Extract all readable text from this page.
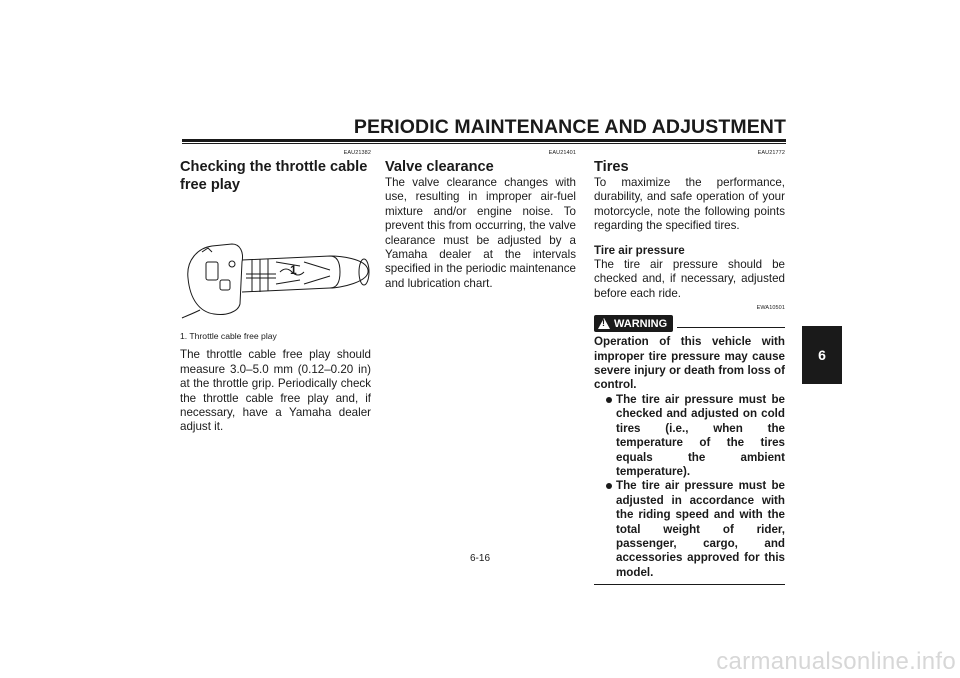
PERIODIC MAINTENANCE AND ADJUSTMENT
EAU21382
Checking the throttle cable free play
1
1. Throttle cable free play
The throttle cable free play should measure 3.0–5.0 mm (0.12–0.20 in) at the throttle grip. Periodically check the throttle cable free play and, if necessary, have a Yamaha dealer adjust it.
EAU21401
Valve clearance
The valve clearance changes with use, resulting in improper air-fuel mixture and/or engine noise. To prevent this from occurring, the valve clearance must be adjusted by a Yamaha dealer at the intervals specified in the periodic maintenance and lubrication chart.
EAU21772
Tires
To maximize the performance, durability, and safe operation of your motorcycle, note the following points regarding the specified tires.
Tire air pressure
The tire air pressure should be checked and, if necessary, adjusted before each ride.
EWA10501
!
WARNING
Operation of this vehicle with improper tire pressure may cause severe injury or death from loss of control.
The tire air pressure must be checked and adjusted on cold tires (i.e., when the temperature of the tires equals the ambient temperature).
The tire air pressure must be adjusted in accordance with the riding speed and with the total weight of rider, passenger, cargo, and accessories approved for this model.
6
6-16
carmanualsonline.info
